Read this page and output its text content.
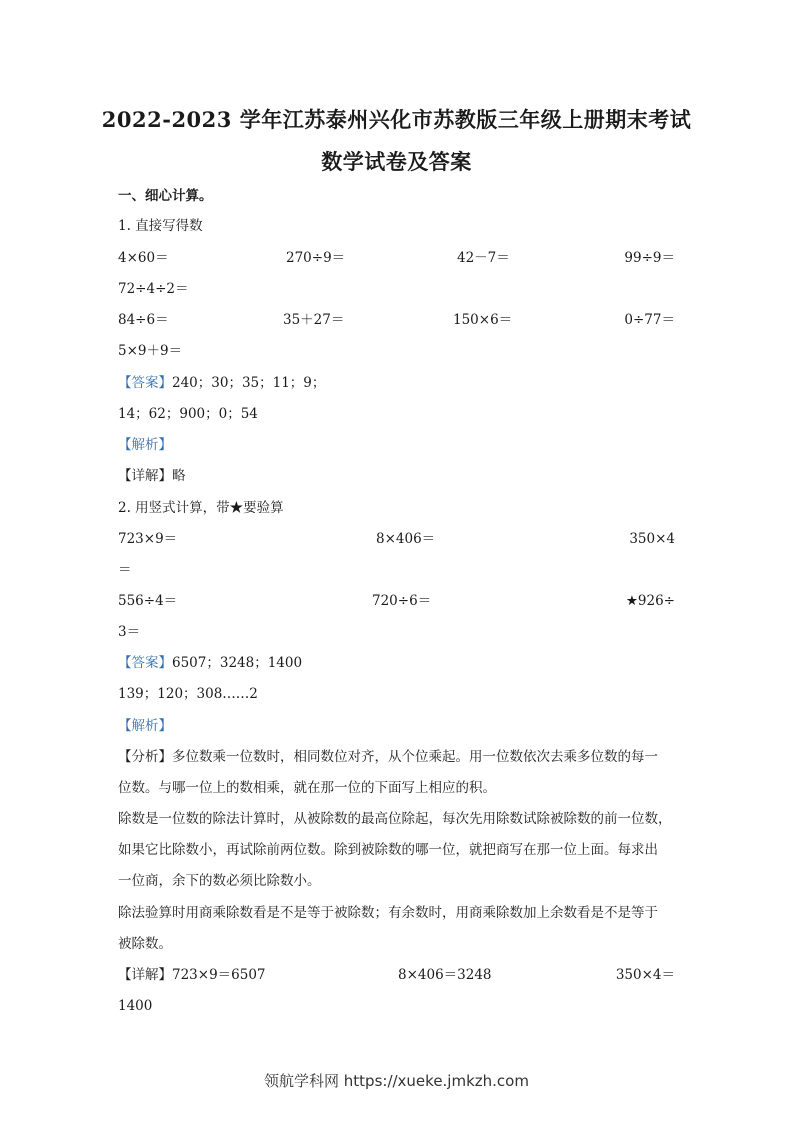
2022-2023 学年江苏泰州兴化市苏教版三年级上册期末考试
数学试卷及答案
一、细心计算。
1. 直接写得数
4×60＝	270÷9＝	42－7＝	99÷9＝
72÷4÷2＝
84÷6＝	35＋27＝	150×6＝	0÷77＝
5×9＋9＝
【答案】240；30；35；11；9；
14；62；900；0；54
【解析】
【详解】略
2. 用竖式计算，带★要验算
723×9＝	8×406＝	350×4
＝
556÷4＝	720÷6＝	★926÷
3＝
【答案】6507；3248；1400
139；120；308……2
【解析】
【分析】多位数乘一位数时，相同数位对齐，从个位乘起。用一位数依次去乘多位数的每一
位数。与哪一位上的数相乘，就在那一位的下面写上相应的积。
除数是一位数的除法计算时，从被除数的最高位除起，每次先用除数试除被除数的前一位数，
如果它比除数小，再试除前两位数。除到被除数的哪一位，就把商写在那一位上面。每求出
一位商，余下的数必须比除数小。
除法验算时用商乘除数看是不是等于被除数；有余数时，用商乘除数加上余数看是不是等于
被除数。
【详解】723×9＝6507	8×406＝3248	350×4＝
1400
领航学科网 https://xueke.jmkzh.com
